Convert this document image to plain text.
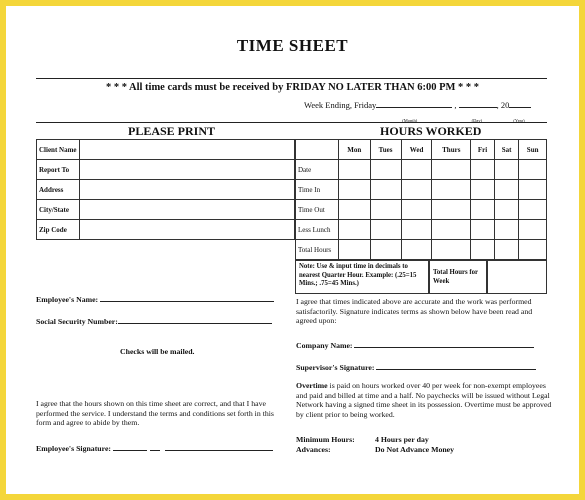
TIME SHEET
* * * All time cards must be received by FRIDAY NO LATER THAN 6:00 PM * * *
Week Ending, Friday
(Month)
,
(Day)
, 20
(Year)
PLEASE PRINT	HOURS WORKED
Client Name	
Report To	
Address	
City/State	
Zip Code	
	Mon	Tues	Wed	Thurs	Fri	Sat	Sun
Date							
Time In							
Time Out							
Less Lunch							
Total Hours							
Note: Use & input time in decimals to nearest Quarter Hour. Example: (.25=15 Mins.; .75=45 Mins.)
Total Hours for Week
Employee's Name:
Social Security Number:
Checks will be mailed.
I agree that the hours shown on this time sheet are correct, and that I have performed the service. I understand the terms and conditions set forth in this form and agree to abide by them.
Employee's Signature:
I agree that times indicated above are accurate and the work was performed satisfactorily. Signature indicates terms as shown below have been read and agreed upon:
Company Name:
Supervisor's Signature:
Overtime is paid on hours worked over 40 per week for non-exempt employees and paid and billed at time and a half. No paychecks will be issued without Legal Network having a signed time sheet in its possession. Overtime must be approved by client prior to being worked.
Minimum Hours:	4 Hours per day
Advances:	Do Not Advance Money
